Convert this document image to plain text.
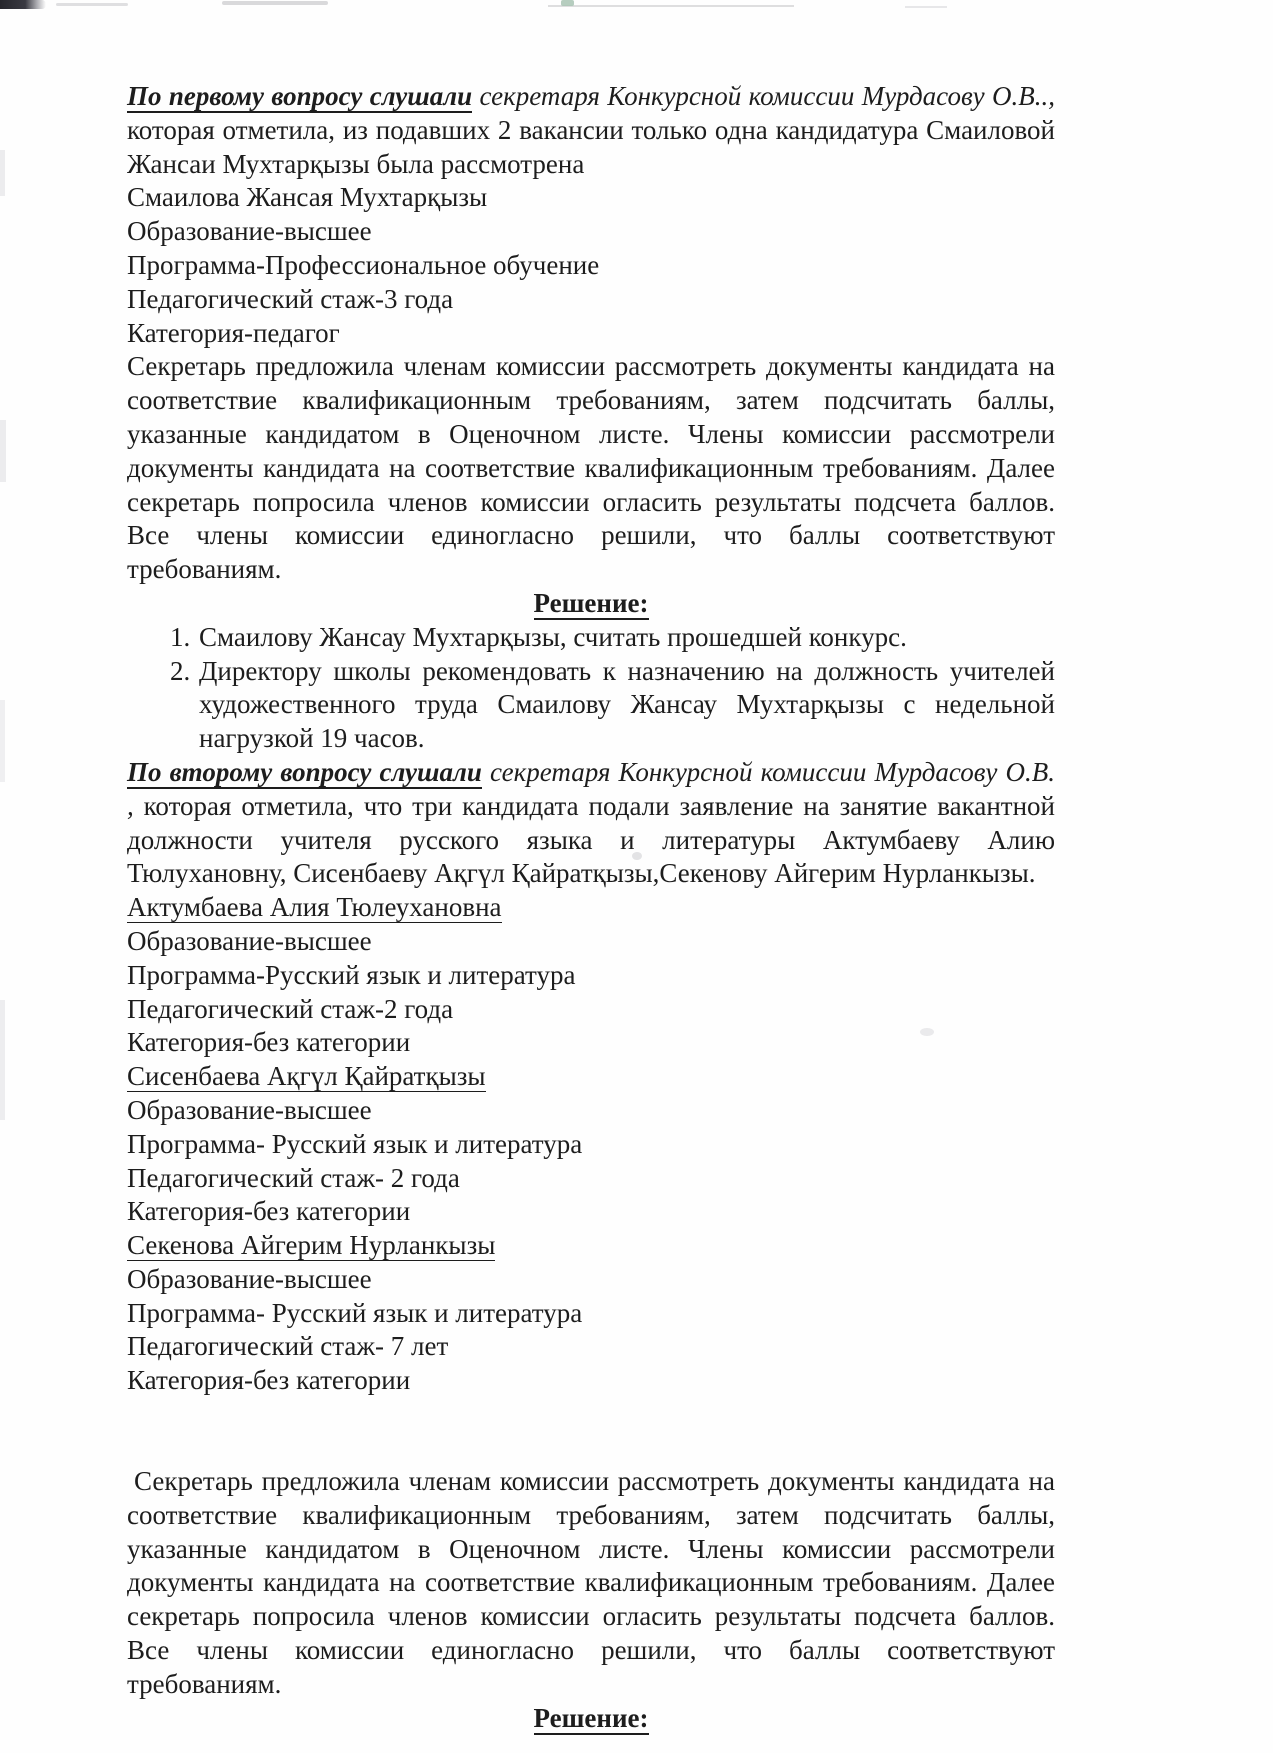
По первому вопросу слушали секретаря Конкурсной комиссии Мурдасову О.В.., которая отметила, из подавших 2 вакансии только одна кандидатура Смаиловой Жансаи Мухтарқызы была рассмотрена

Смаилова Жансая Мухтарқызы
Образование-высшее
Программа-Профессиональное обучение
Педагогический стаж-3 года
Категория-педагог

Секретарь предложила членам комиссии рассмотреть документы кандидата на соответствие квалификационным требованиям, затем подсчитать баллы, указанные кандидатом в Оценочном листе. Члены комиссии рассмотрели документы кандидата на соответствие квалификационным требованиям. Далее секретарь попросила членов комиссии огласить результаты подсчета баллов. Все члены комиссии единогласно решили, что баллы соответствуют требованиям.

Решение:

1. Смаилову Жансау Мухтарқызы, считать прошедшей конкурс.
2. Директору школы рекомендовать к назначению на должность учителей художественного труда Смаилову Жансау Мухтарқызы с недельной нагрузкой 19 часов.

По второму вопросу слушали секретаря Конкурсной комиссии Мурдасову О.В. , которая отметила, что три кандидата подали заявление на занятие вакантной должности учителя русского языка и литературы Актумбаеву Алию Тюлухановну, Сисенбаеву Ақгүл Қайратқызы,Секенову Айгерим Нурланкызы.

Актумбаева Алия Тюлеухановна
Образование-высшее
Программа-Русский язык и литература
Педагогический стаж-2 года
Категория-без категории
Сисенбаева Ақгүл Қайратқызы
Образование-высшее
Программа- Русский язык и литература
Педагогический стаж- 2 года
Категория-без категории
Секенова Айгерим Нурланкызы
Образование-высшее
Программа- Русский язык и литература
Педагогический стаж- 7 лет
Категория-без категории

Секретарь предложила членам комиссии рассмотреть документы кандидата на соответствие квалификационным требованиям, затем подсчитать баллы, указанные кандидатом в Оценочном листе. Члены комиссии рассмотрели документы кандидата на соответствие квалификационным требованиям. Далее секретарь попросила членов комиссии огласить результаты подсчета баллов. Все члены комиссии единогласно решили, что баллы соответствуют требованиям.

Решение:
